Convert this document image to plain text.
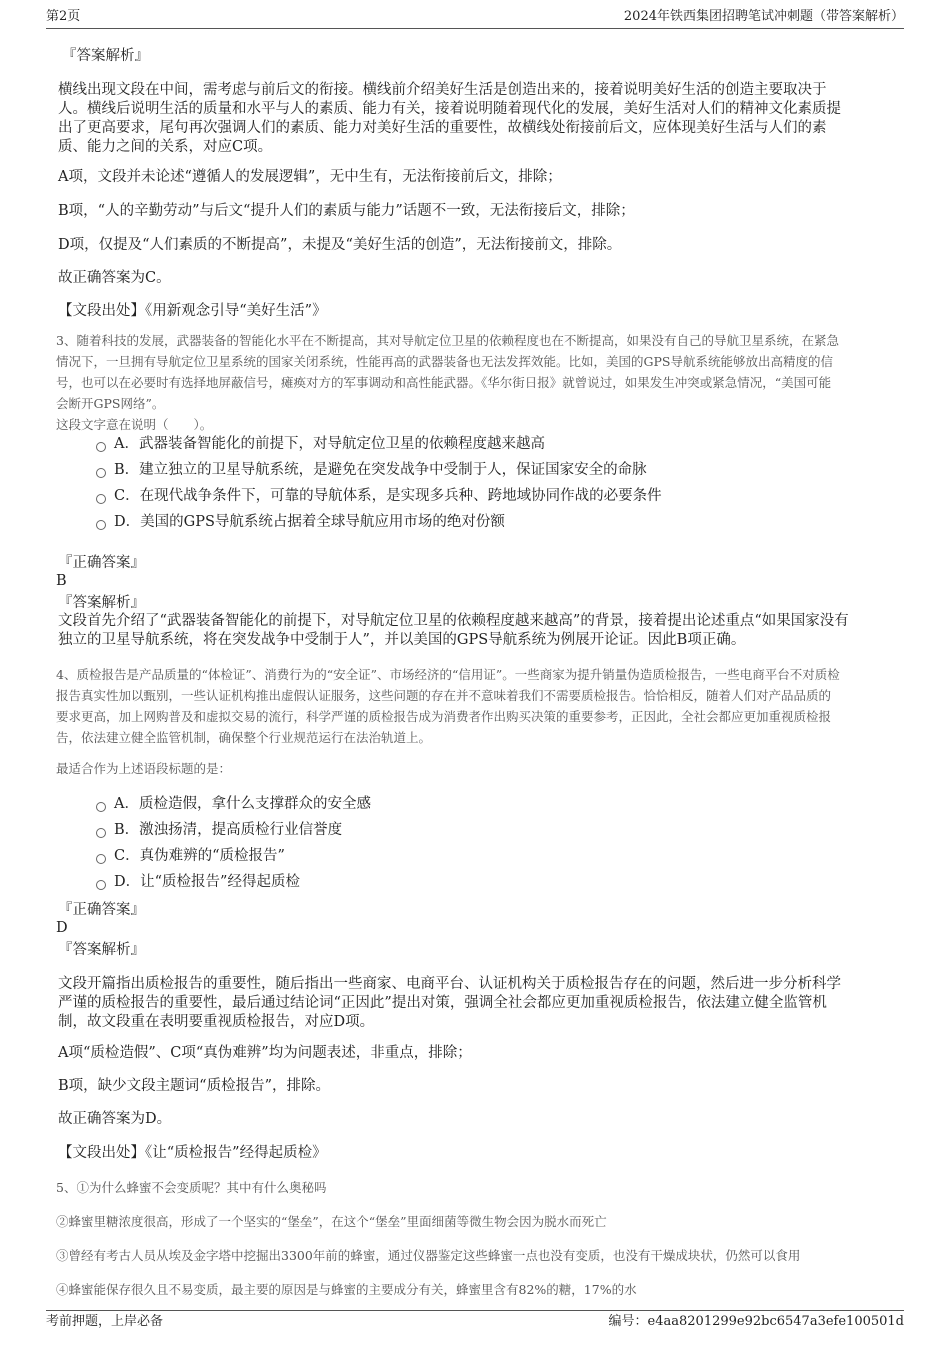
第2页	2024年铁西集团招聘笔试冲刺题（带答案解析）
『答案解析』
横线出现文段在中间，需考虑与前后文的衔接。横线前介绍美好生活是创造出来的，接着说明美好生活的创造主要取决于
人。横线后说明生活的质量和水平与人的素质、能力有关，接着说明随着现代化的发展，美好生活对人们的精神文化素质提
出了更高要求，尾句再次强调人们的素质、能力对美好生活的重要性，故横线处衔接前后文，应体现美好生活与人们的素
质、能力之间的关系，对应C项。
A项，文段并未论述“遵循人的发展逻辑”，无中生有，无法衔接前后文，排除；
B项，“人的辛勤劳动”与后文“提升人们的素质与能力”话题不一致，无法衔接后文，排除；
D项，仅提及“人们素质的不断提高”，未提及“美好生活的创造”，无法衔接前文，排除。
故正确答案为C。
【文段出处】《用新观念引导“美好生活”》
3、随着科技的发展，武器装备的智能化水平在不断提高，其对导航定位卫星的依赖程度也在不断提高，如果没有自己的导航卫星系统，在紧急
情况下，一旦拥有导航定位卫星系统的国家关闭系统，性能再高的武器装备也无法发挥效能。比如，美国的GPS导航系统能够放出高精度的信
号，也可以在必要时有选择地屏蔽信号，瘫痪对方的军事调动和高性能武器。《华尔街日报》就曾说过，如果发生冲突或紧急情况，“美国可能
会断开GPS网络”。
这段文字意在说明（　　）。
A．武器装备智能化的前提下，对导航定位卫星的依赖程度越来越高
B．建立独立的卫星导航系统，是避免在突发战争中受制于人，保证国家安全的命脉
C．在现代战争条件下，可靠的导航体系，是实现多兵种、跨地域协同作战的必要条件
D．美国的GPS导航系统占据着全球导航应用市场的绝对份额
『正确答案』
B
『答案解析』
文段首先介绍了“武器装备智能化的前提下，对导航定位卫星的依赖程度越来越高”的背景，接着提出论述重点“如果国家没有
独立的卫星导航系统，将在突发战争中受制于人”，并以美国的GPS导航系统为例展开论证。因此B项正确。
4、质检报告是产品质量的“体检证”、消费行为的“安全证”、市场经济的“信用证”。一些商家为提升销量伪造质检报告，一些电商平台不对质检
报告真实性加以甄别，一些认证机构推出虚假认证服务，这些问题的存在并不意味着我们不需要质检报告。恰恰相反，随着人们对产品品质的
要求更高，加上网购普及和虚拟交易的流行，科学严谨的质检报告成为消费者作出购买决策的重要参考，正因此，全社会都应更加重视质检报
告，依法建立健全监管机制，确保整个行业规范运行在法治轨道上。
最适合作为上述语段标题的是：
A．质检造假，拿什么支撑群众的安全感
B．激浊扬清，提高质检行业信誉度
C．真伪难辨的“质检报告”
D．让“质检报告”经得起质检
『正确答案』
D
『答案解析』
文段开篇指出质检报告的重要性，随后指出一些商家、电商平台、认证机构关于质检报告存在的问题，然后进一步分析科学
严谨的质检报告的重要性，最后通过结论词“正因此”提出对策，强调全社会都应更加重视质检报告，依法建立健全监管机
制，故文段重在表明要重视质检报告，对应D项。
A项“质检造假”、C项“真伪难辨”均为问题表述，非重点，排除；
B项，缺少文段主题词“质检报告”，排除。
故正确答案为D。
【文段出处】《让“质检报告”经得起质检》
5、①为什么蜂蜜不会变质呢？其中有什么奥秘吗
②蜂蜜里糖浓度很高，形成了一个坚实的“堡垒”，在这个“堡垒”里面细菌等微生物会因为脱水而死亡
③曾经有考古人员从埃及金字塔中挖掘出3300年前的蜂蜜，通过仪器鉴定这些蜂蜜一点也没有变质，也没有干燥成块状，仍然可以食用
④蜂蜜能保存很久且不易变质，最主要的原因是与蜂蜜的主要成分有关，蜂蜜里含有82%的糖，17%的水
考前押题，上岸必备	编号：e4aa8201299e92bc6547a3efe100501d
